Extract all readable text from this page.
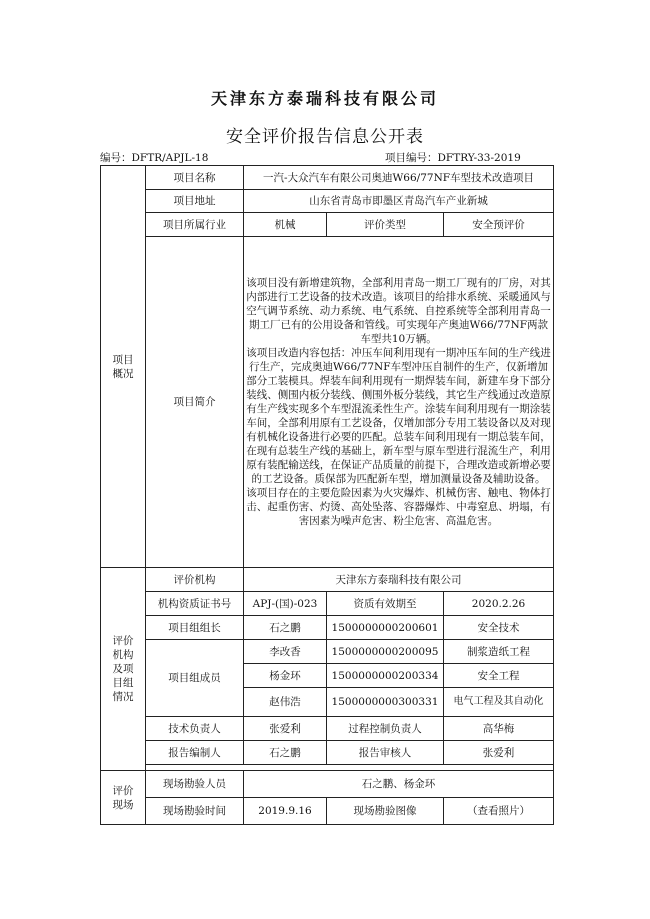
天津东方泰瑞科技有限公司
安全评价报告信息公开表
编号：DFTR/APJL-18	项目编号：DFTRY-33-2019
项目概况	项目名称	一汽-大众汽车有限公司奥迪W66/77NF车型技术改造项目		
	项目地址	山东省青岛市即墨区青岛汽车产业新城		
	项目所属行业	机械	评价类型	安全预评价
	项目简介	该项目没有新增建筑物，全部利用青岛一期工厂现有的厂房，对其内部进行工艺设备的技术改造。该项目的给排水系统、采暖通风与空气调节系统、动力系统、电气系统、自控系统等全部利用青岛一期工厂已有的公用设备和管线。可实现年产奥迪W66/77NF两款车型共10万辆。

该项目改造内容包括：冲压车间利用现有一期冲压车间的生产线进行生产，完成奥迪W66/77NF车型冲压自制件的生产，仅新增加部分工装模具。焊装车间利用现有一期焊装车间，新建车身下部分装线、侧围内板分装线、侧围外板分装线，其它生产线通过改造原有生产线实现多个车型混流柔性生产。涂装车间利用现有一期涂装车间，全部利用原有工艺设备，仅增加部分专用工装设备以及对现有机械化设备进行必要的匹配。总装车间利用现有一期总装车间，在现有总装生产线的基础上，新车型与原车型进行混流生产，利用原有装配输送线，在保证产品质量的前提下，合理改造或新增必要的工艺设备。质保部为匹配新车型，增加测量设备及辅助设备。

该项目存在的主要危险因素为火灾爆炸、机械伤害、触电、物体打击、起重伤害、灼烫、高处坠落、容器爆炸、中毒窒息、坍塌，有害因素为噪声危害、粉尘危害、高温危害。		

评价机构及项目组情况	评价机构	天津东方泰瑞科技有限公司		
	机构资质证书号	APJ-(国)-023	资质有效期至	2020.2.26
	项目组组长	石之鹏	1500000000200601	安全技术
	项目组成员	李改香	1500000000200095	制浆造纸工程
		杨金环	1500000000200334	安全工程
		赵伟浩	1500000000300331	电气工程及其自动化
	技术负责人	张爱利	过程控制负责人	高华梅
	报告编制人	石之鹏	报告审核人	张爱利

评价现场	现场勘验人员	石之鹏、杨金环		
	现场勘验时间	2019.9.16	现场勘验图像	（查看照片）
